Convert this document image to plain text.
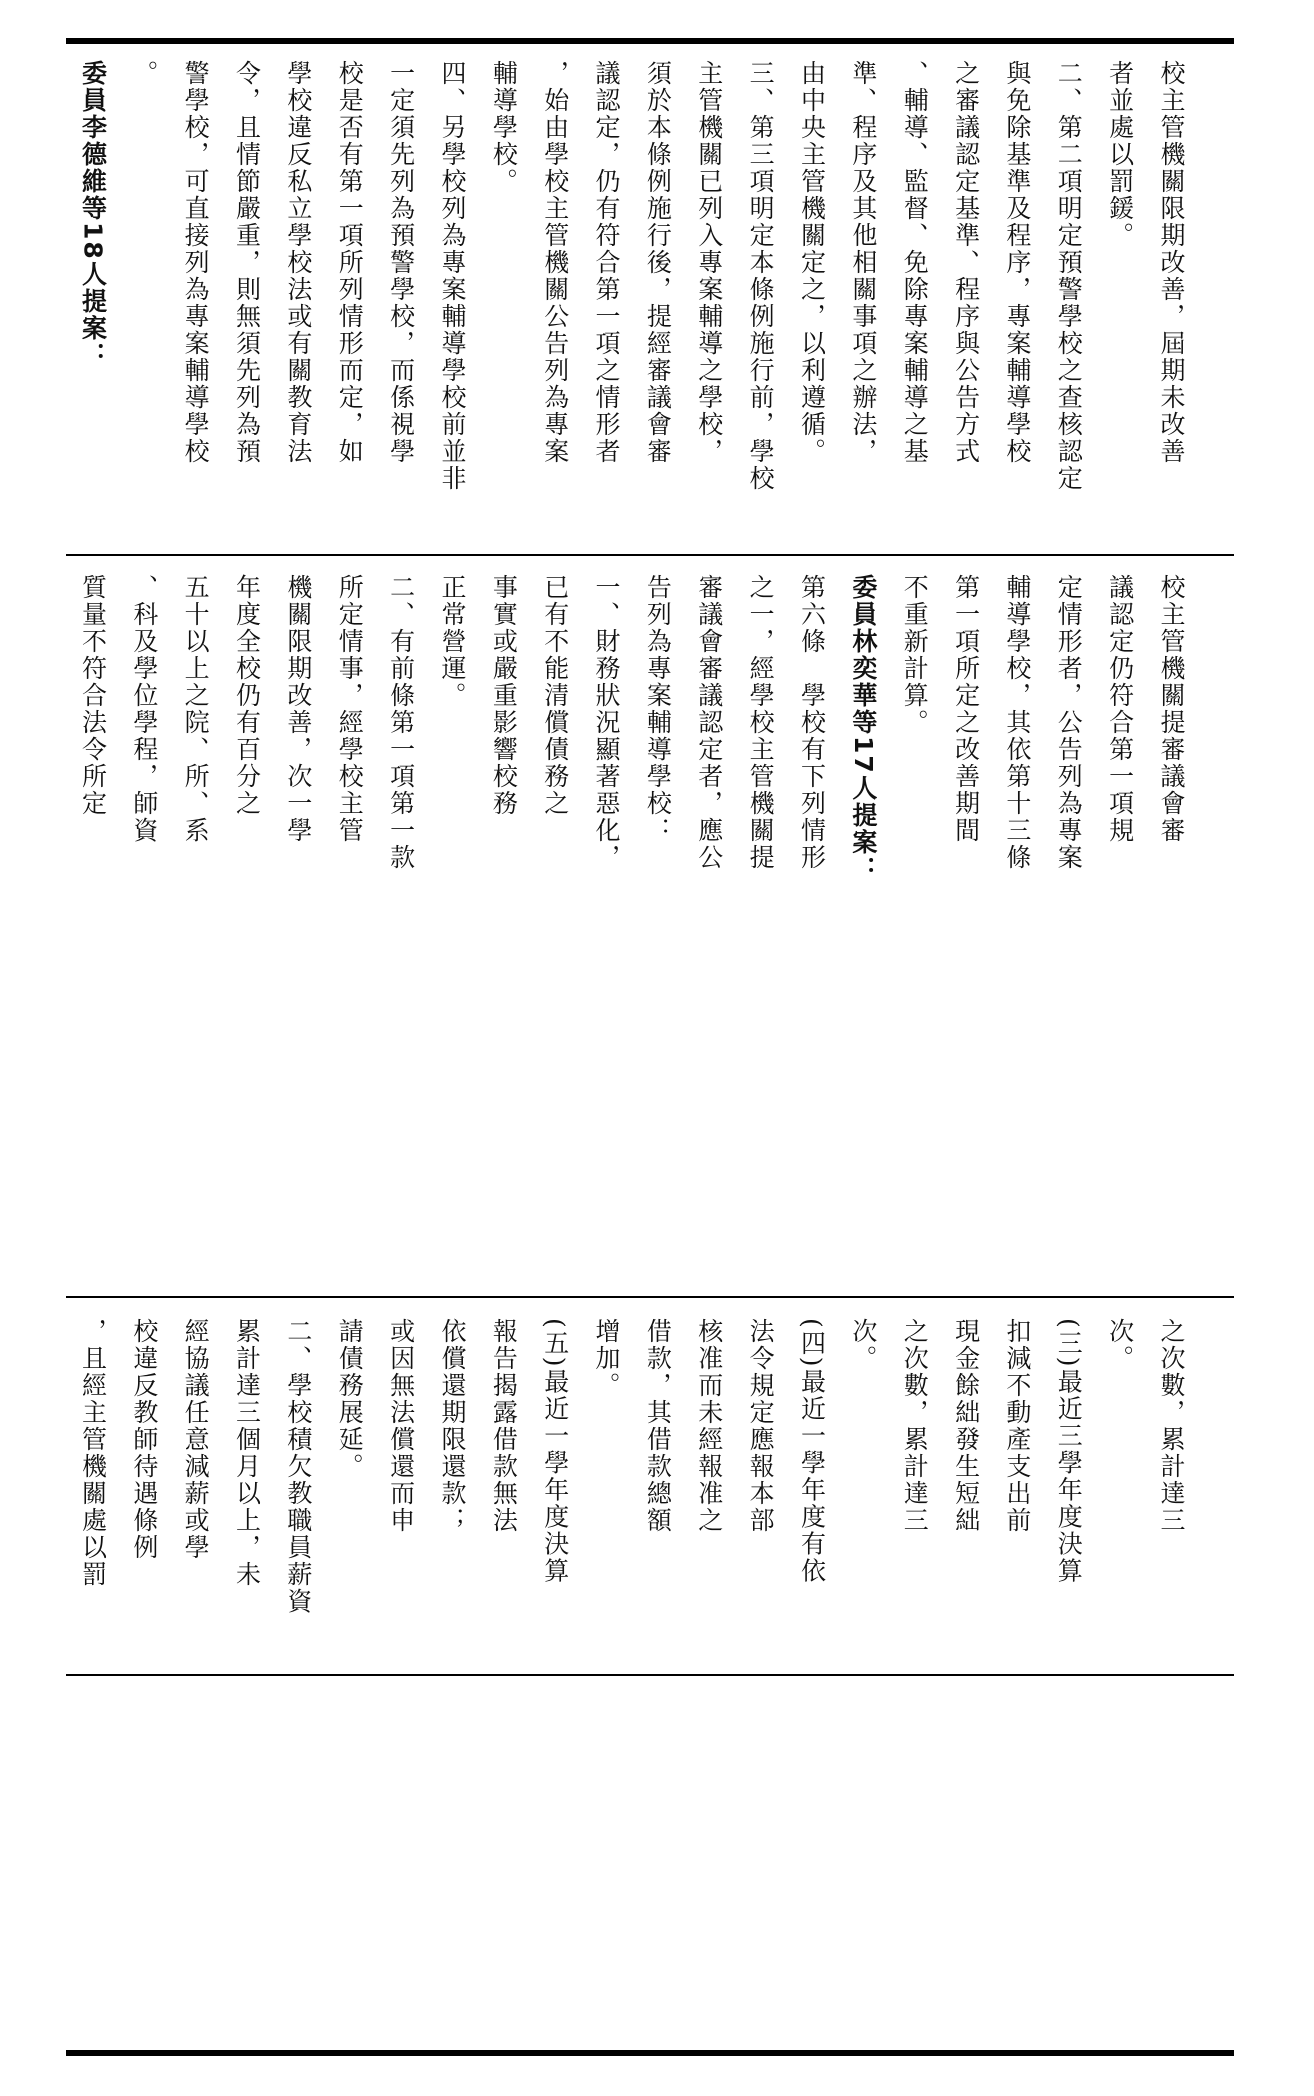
校主管機關限期改善，屆期未改善
者並處以罰鍰。
二、第二項明定預警學校之查核認定
與免除基準及程序，專案輔導學校
之審議認定基準、程序與公告方式
、輔導、監督、免除專案輔導之基
準、程序及其他相關事項之辦法，
由中央主管機關定之，以利遵循。
三、第三項明定本條例施行前，學校
主管機關已列入專案輔導之學校，
須於本條例施行後，提經審議會審
議認定，仍有符合第一項之情形者
，始由學校主管機關公告列為專案
輔導學校。
四、另學校列為專案輔導學校前並非
一定須先列為預警學校，而係視學
校是否有第一項所列情形而定，如
學校違反私立學校法或有關教育法
令，且情節嚴重，則無須先列為預
警學校，可直接列為專案輔導學校
。
委員李德維等18人提案：
校主管機關提審議會審
議認定仍符合第一項規
定情形者，公告列為專案
輔導學校，其依第十三條
第一項所定之改善期間
不重新計算。
委員林奕華等17人提案：
第六條　學校有下列情形
之一，經學校主管機關提
審議會審議認定者，應公
告列為專案輔導學校：
一、財務狀況顯著惡化，
已有不能清償債務之
事實或嚴重影響校務
正常營運。
二、有前條第一項第一款
所定情事，經學校主管
機關限期改善，次一學
年度全校仍有百分之
五十以上之院、所、系
、科及學位學程，師資
質量不符合法令所定
之次數，累計達三
次。
(三)最近三學年度決算
扣減不動產支出前
現金餘絀發生短絀
之次數，累計達三
次。
(四)最近一學年度有依
法令規定應報本部
核准而未經報准之
借款，其借款總額
增加。
(五)最近一學年度決算
報告揭露借款無法
依償還期限還款；
或因無法償還而申
請債務展延。
二、學校積欠教職員薪資
累計達三個月以上，未
經協議任意減薪或學
校違反教師待遇條例
，且經主管機關處以罰
